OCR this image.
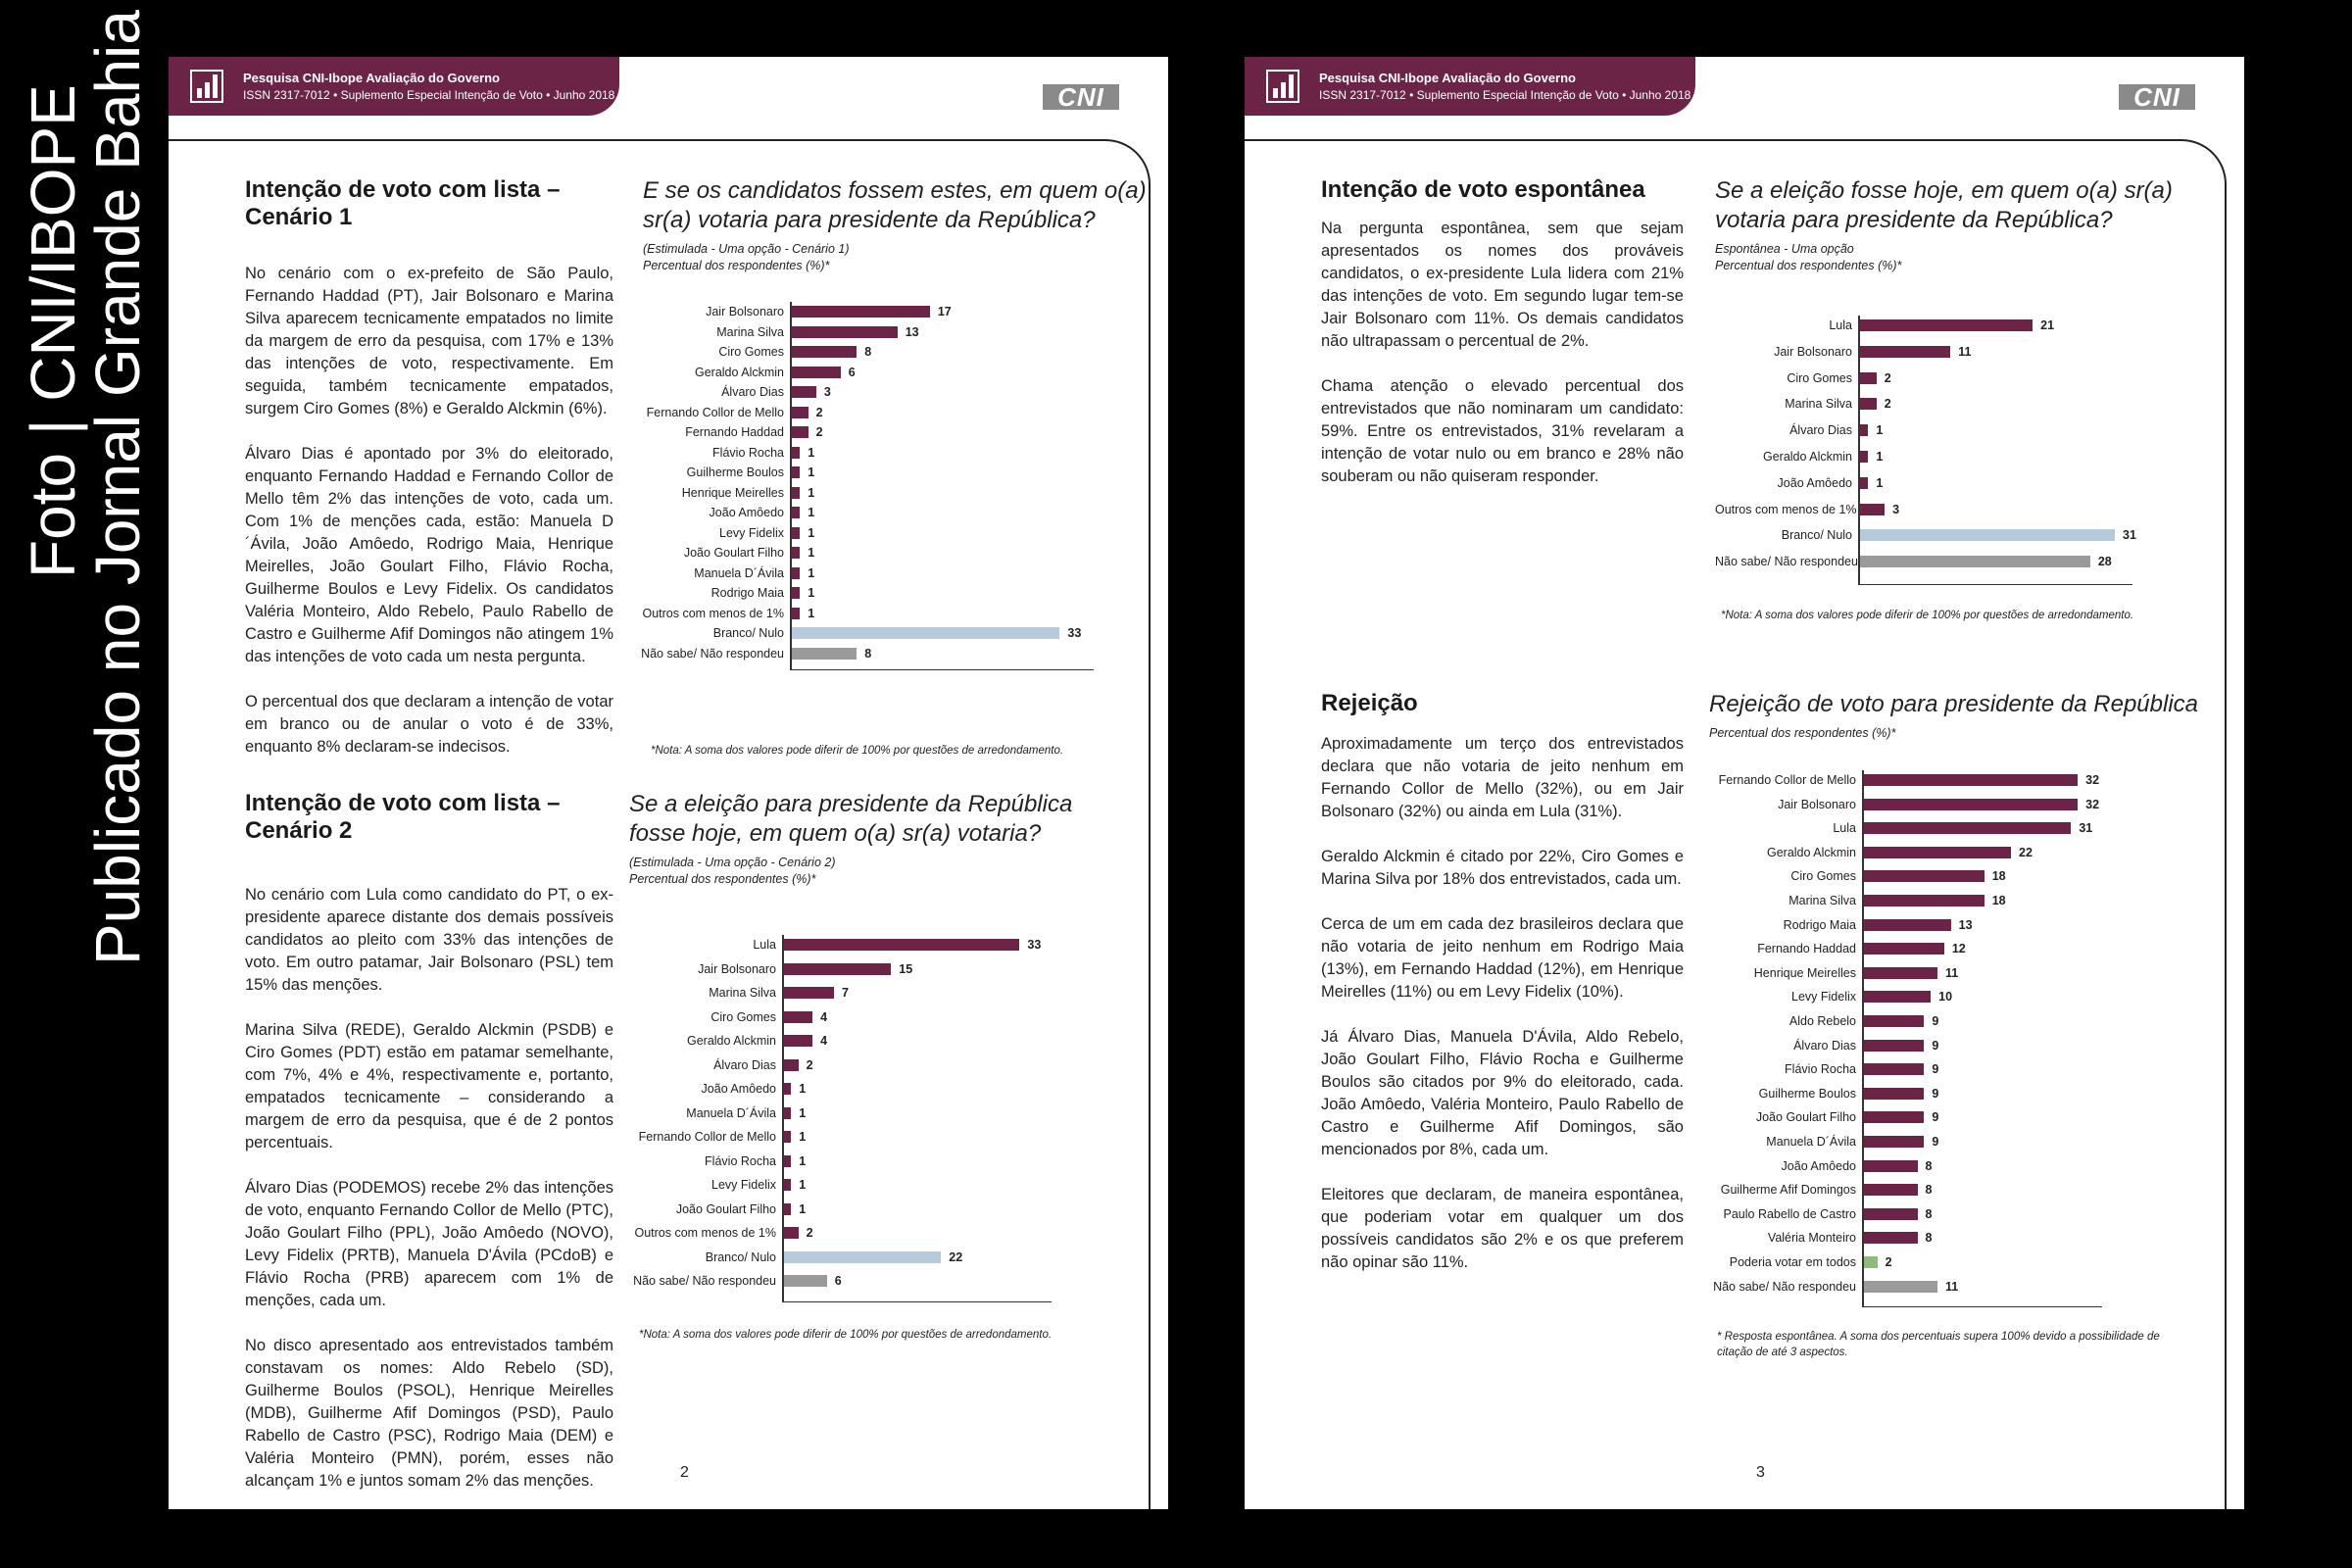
Foto | CNI/IBOPE
Publicado no Jornal Grande Bahia	Pesquisa CNI-Ibope Avaliação do Governo
ISSN 2317-7012 • Suplemento Especial Intenção de Voto • Junho 2018	CNI
Intenção de voto com lista – Cenário 1

No cenário com o ex-prefeito de São Paulo, Fernando Haddad (PT), Jair Bolsonaro e Marina Silva aparecem tecnicamente empatados no limite da margem de erro da pesquisa, com 17% e 13% das intenções de voto, respectivamente. Em seguida, também tecnicamente empatados, surgem Ciro Gomes (8%) e Geraldo Alckmin (6%).

Álvaro Dias é apontado por 3% do eleitorado, enquanto Fernando Haddad e Fernando Collor de Mello têm 2% das intenções de voto, cada um. Com 1% de menções cada, estão: Manuela D´Ávila, João Amôedo, Rodrigo Maia, Henrique Meirelles, João Goulart Filho, Flávio Rocha, Guilherme Boulos e Levy Fidelix. Os candidatos Valéria Monteiro, Aldo Rebelo, Paulo Rabello de Castro e Guilherme Afif Domingos não atingem 1% das intenções de voto cada um nesta pergunta.

O percentual dos que declaram a intenção de votar em branco ou de anular o voto é de 33%, enquanto 8% declaram-se indecisos.

E se os candidatos fossem estes, em quem o(a) sr(a) votaria para presidente da República?
(Estimulada - Uma opção - Cenário 1)
Percentual dos respondentes (%)*
Jair Bolsonaro	17
Marina Silva	13
Ciro Gomes	8
Geraldo Alckmin	6
Álvaro Dias	3
Fernando Collor de Mello	2
Fernando Haddad	2
Flávio Rocha 1
Guilherme Boulos 1
Henrique Meirelles 1
João Amôedo 1
Levy Fidelix 1
João Goulart Filho 1
Manuela D´Ávila 1
Rodrigo Maia 1
Outros com menos de 1% 1
Branco/ Nulo	33
Não sabe/ Não respondeu	8
*Nota: A soma dos valores pode diferir de 100% por questões de arredondamento.
Intenção de voto com lista – Cenário 2

No cenário com Lula como candidato do PT, o ex-presidente aparece distante dos demais possíveis candidatos ao pleito com 33% das intenções de voto. Em outro patamar, Jair Bolsonaro (PSL) tem 15% das menções.

Marina Silva (REDE), Geraldo Alckmin (PSDB) e Ciro Gomes (PDT) estão em patamar semelhante, com 7%, 4% e 4%, respectivamente e, portanto, empatados tecnicamente – considerando a margem de erro da pesquisa, que é de 2 pontos percentuais.

Álvaro Dias (PODEMOS) recebe 2% das intenções de voto, enquanto Fernando Collor de Mello (PTC), João Goulart Filho (PPL), João Amôedo (NOVO), Levy Fidelix (PRTB), Manuela D'Ávila (PCdoB) e Flávio Rocha (PRB) aparecem com 1% de menções, cada um.

No disco apresentado aos entrevistados também constavam os nomes: Aldo Rebelo (SD), Guilherme Boulos (PSOL), Henrique Meirelles (MDB), Guilherme Afif Domingos (PSD), Paulo Rabello de Castro (PSC), Rodrigo Maia (DEM) e Valéria Monteiro (PMN), porém, esses não alcançam 1% e juntos somam 2% das menções.

Se a eleição para presidente da República fosse hoje, em quem o(a) sr(a) votaria?
(Estimulada - Uma opção - Cenário 2)
Percentual dos respondentes (%)*
Lula	33
Jair Bolsonaro	15
Marina Silva	7
Ciro Gomes	4
Geraldo Alckmin	4
Álvaro Dias 2
João Amôedo 1
Manuela D´Ávila 1
Fernando Collor de Mello 1
Flávio Rocha 1
Levy Fidelix 1
João Goulart Filho 1
Outros com menos de 1% 2
Branco/ Nulo	22
Não sabe/ Não respondeu	6
*Nota: A soma dos valores pode diferir de 100% por questões de arredondamento.
2
Pesquisa CNI-Ibope Avaliação do Governo
ISSN 2317-7012 • Suplemento Especial Intenção de Voto • Junho 2018	CNI
Intenção de voto espontânea

Na pergunta espontânea, sem que sejam apresentados os nomes dos prováveis candidatos, o ex-presidente Lula lidera com 21% das intenções de voto. Em segundo lugar tem-se Jair Bolsonaro com 11%. Os demais candidatos não ultrapassam o percentual de 2%.

Chama atenção o elevado percentual dos entrevistados que não nominaram um candidato: 59%. Entre os entrevistados, 31% revelaram a intenção de votar nulo ou em branco e 28% não souberam ou não quiseram responder.

Se a eleição fosse hoje, em quem o(a) sr(a) votaria para presidente da República?
Espontânea - Uma opção
Percentual dos respondentes (%)*
Lula	21
Jair Bolsonaro	11
Ciro Gomes	2
Marina Silva	2
Álvaro Dias 1
Geraldo Alckmin 1
João Amôedo 1
Outros com menos de 1%	3
Branco/ Nulo	31
Não sabe/ Não respondeu	28
*Nota: A soma dos valores pode diferir de 100% por questões de arredondamento.
Rejeição

Aproximadamente um terço dos entrevistados declara que não votaria de jeito nenhum em Fernando Collor de Mello (32%), ou em Jair Bolsonaro (32%) ou ainda em Lula (31%).

Geraldo Alckmin é citado por 22%, Ciro Gomes e Marina Silva por 18% dos entrevistados, cada um.

Cerca de um em cada dez brasileiros declara que não votaria de jeito nenhum em Rodrigo Maia (13%), em Fernando Haddad (12%), em Henrique Meirelles (11%) ou em Levy Fidelix (10%).

Já Álvaro Dias, Manuela D'Ávila, Aldo Rebelo, João Goulart Filho, Flávio Rocha e Guilherme Boulos são citados por 9% do eleitorado, cada. João Amôedo, Valéria Monteiro, Paulo Rabello de Castro e Guilherme Afif Domingos, são mencionados por 8%, cada um.

Eleitores que declaram, de maneira espontânea, que poderiam votar em qualquer um dos possíveis candidatos são 2% e os que preferem não opinar são 11%.

Rejeição de voto para presidente da República
Percentual dos respondentes (%)*
Fernando Collor de Mello	32
Jair Bolsonaro	32
Lula	31
Geraldo Alckmin	22
Ciro Gomes	18
Marina Silva	18
Rodrigo Maia	13
Fernando Haddad	12
Henrique Meirelles	11
Levy Fidelix	10
Aldo Rebelo	9
Álvaro Dias	9
Flávio Rocha	9
Guilherme Boulos	9
João Goulart Filho	9
Manuela D´Ávila	9
João Amôedo	8
Guilherme Afif Domingos	8
Paulo Rabello de Castro	8
Valéria Monteiro	8
Poderia votar em todos 2
Não sabe/ Não respondeu	11
* Resposta espontânea. A soma dos percentuais supera 100% devido a possibilidade de
citação de até 3 aspectos.
3
